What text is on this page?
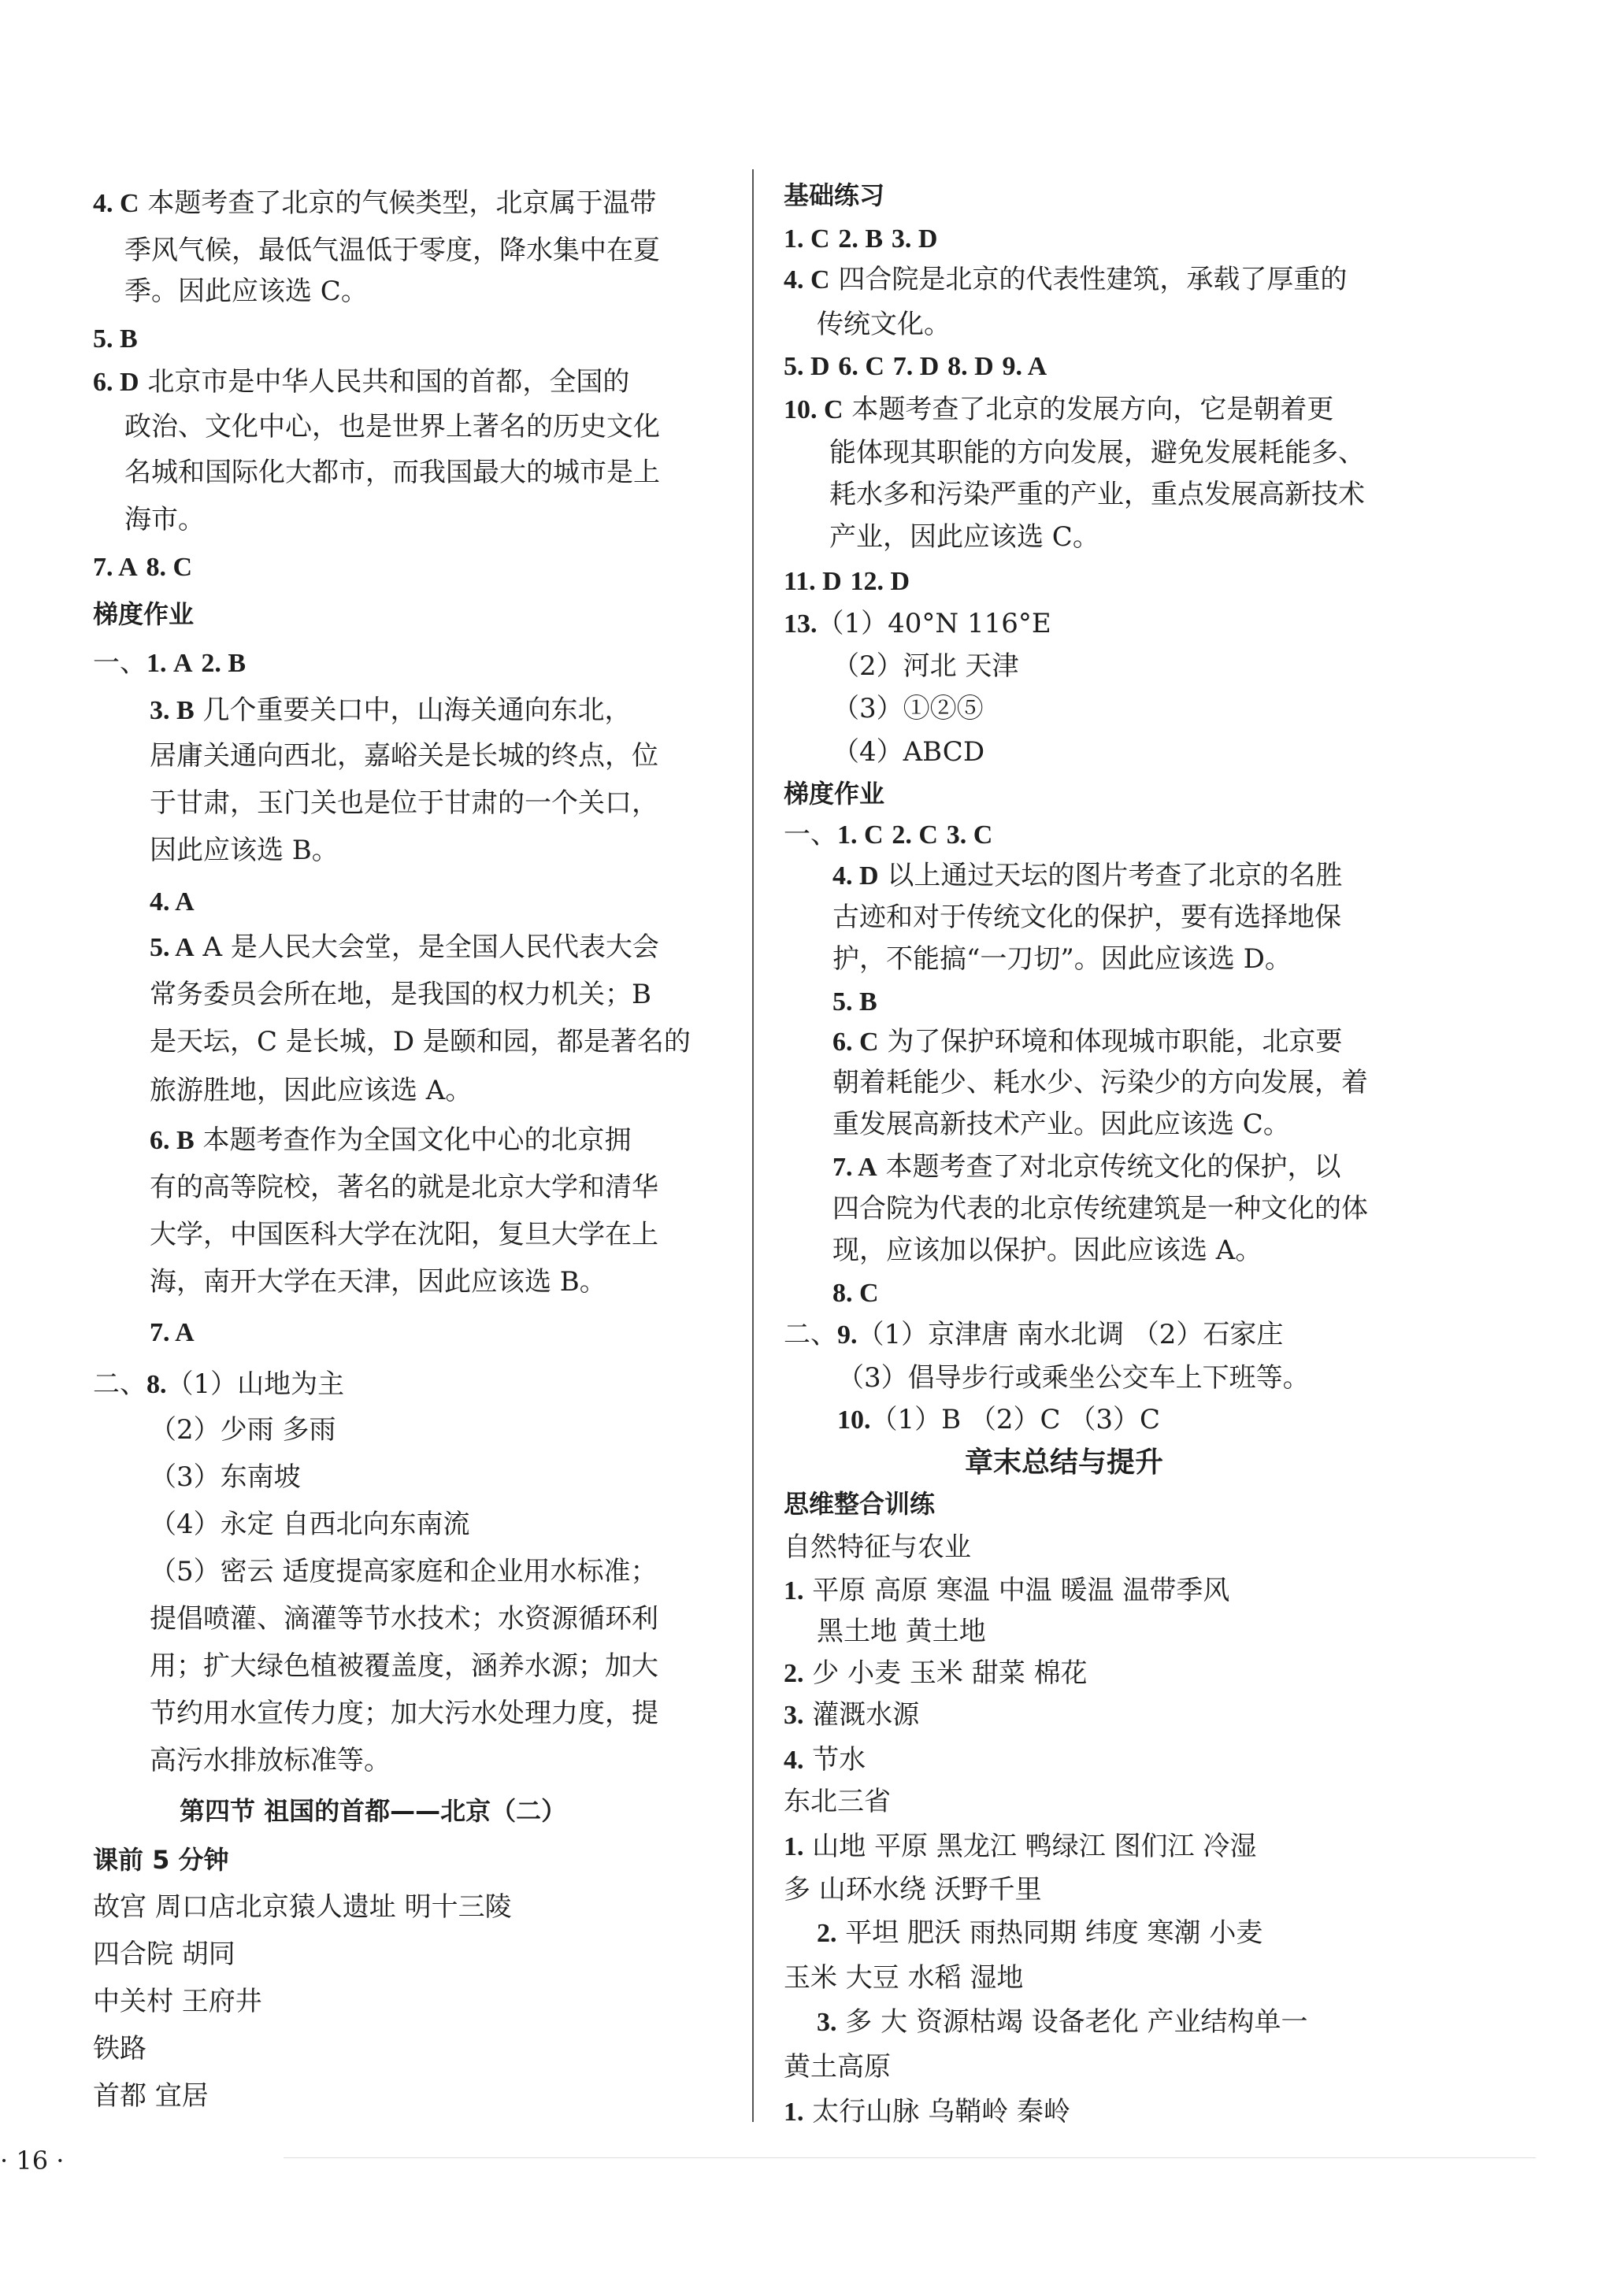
4. C 本题考查了北京的气候类型，北京属于温带
季风气候，最低气温低于零度，降水集中在夏
季。因此应该选 C。
5. B
6. D 北京市是中华人民共和国的首都，全国的
政治、文化中心，也是世界上著名的历史文化
名城和国际化大都市，而我国最大的城市是上
海市。
7. A 8. C
梯度作业
一、1. A 2. B
3. B 几个重要关口中，山海关通向东北，
居庸关通向西北，嘉峪关是长城的终点，位
于甘肃，玉门关也是位于甘肃的一个关口，
因此应该选 B。
4. A
5. A A 是人民大会堂，是全国人民代表大会
常务委员会所在地，是我国的权力机关；B
是天坛，C 是长城，D 是颐和园，都是著名的
旅游胜地，因此应该选 A。
6. B 本题考查作为全国文化中心的北京拥
有的高等院校，著名的就是北京大学和清华
大学，中国医科大学在沈阳，复旦大学在上
海，南开大学在天津，因此应该选 B。
7. A
二、8.（1）山地为主
（2）少雨 多雨
（3）东南坡
（4）永定 自西北向东南流
（5）密云 适度提高家庭和企业用水标准；
提倡喷灌、滴灌等节水技术；水资源循环利
用；扩大绿色植被覆盖度，涵养水源；加大
节约用水宣传力度；加大污水处理力度，提
高污水排放标准等。
第四节 祖国的首都——北京（二）
课前 5 分钟
故宫 周口店北京猿人遗址 明十三陵
四合院 胡同
中关村 王府井
铁路
首都 宜居
基础练习
1. C 2. B 3. D
4. C 四合院是北京的代表性建筑，承载了厚重的
传统文化。
5. D 6. C 7. D 8. D 9. A
10. C 本题考查了北京的发展方向，它是朝着更
能体现其职能的方向发展，避免发展耗能多、
耗水多和污染严重的产业，重点发展高新技术
产业，因此应该选 C。
11. D 12. D
13.（1）40°N 116°E
（2）河北 天津
（3）①②⑤
（4）ABCD
梯度作业
一、1. C 2. C 3. C
4. D 以上通过天坛的图片考查了北京的名胜
古迹和对于传统文化的保护，要有选择地保
护，不能搞“一刀切”。因此应该选 D。
5. B
6. C 为了保护环境和体现城市职能，北京要
朝着耗能少、耗水少、污染少的方向发展，着
重发展高新技术产业。因此应该选 C。
7. A 本题考查了对北京传统文化的保护，以
四合院为代表的北京传统建筑是一种文化的体
现，应该加以保护。因此应该选 A。
8. C
二、9.（1）京津唐 南水北调 （2）石家庄
（3）倡导步行或乘坐公交车上下班等。
10.（1）B （2）C （3）C
章末总结与提升
思维整合训练
自然特征与农业
1. 平原 高原 寒温 中温 暖温 温带季风
黑土地 黄土地
2. 少 小麦 玉米 甜菜 棉花
3. 灌溉水源
4. 节水
东北三省
1. 山地 平原 黑龙江 鸭绿江 图们江 冷湿
多 山环水绕 沃野千里
2. 平坦 肥沃 雨热同期 纬度 寒潮 小麦
玉米 大豆 水稻 湿地
3. 多 大 资源枯竭 设备老化 产业结构单一
黄土高原
1. 太行山脉 乌鞘岭 秦岭
· 16 ·
